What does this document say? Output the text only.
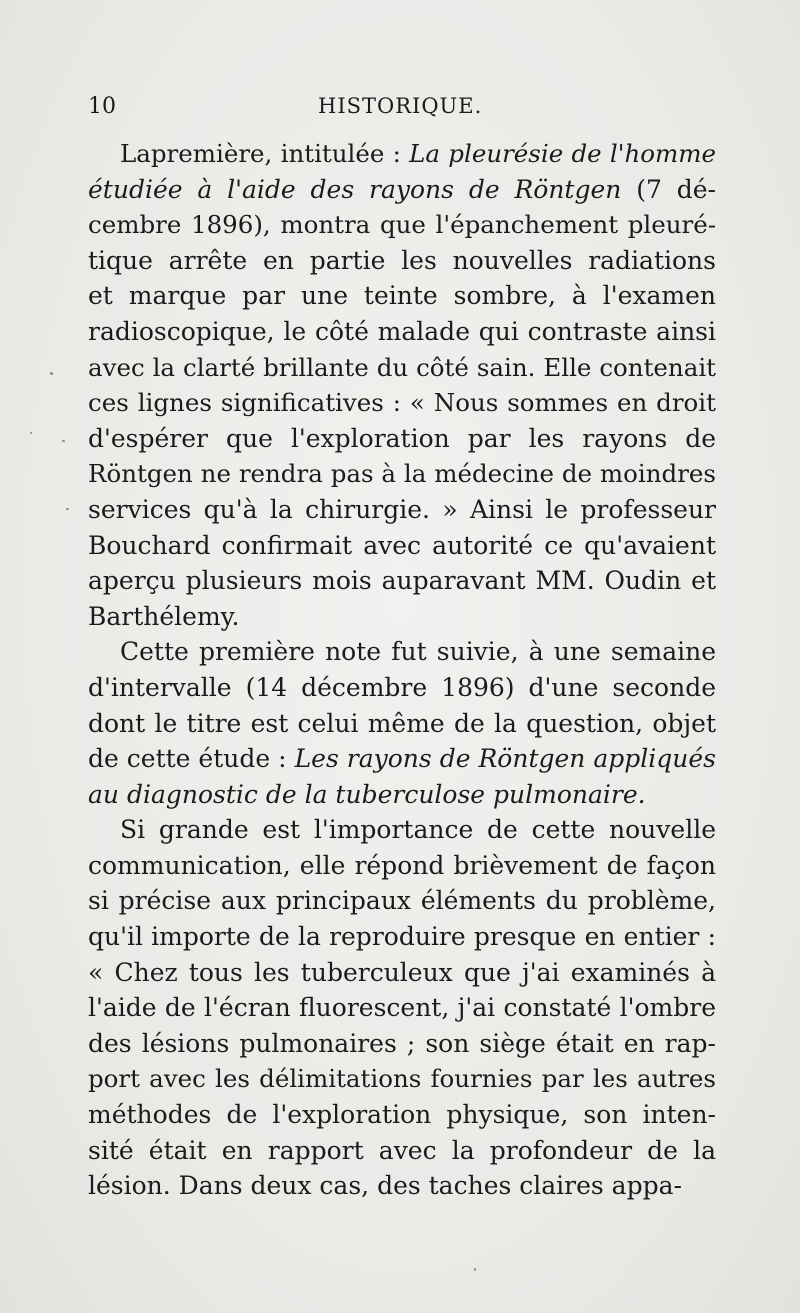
10	HISTORIQUE.
Lapremière, intitulée : La pleurésie de l'homme
étudiée à l'aide des rayons de Röntgen (7 dé-
cembre 1896), montra que l'épanchement pleuré-
tique arrête en partie les nouvelles radiations
et marque par une teinte sombre, à l'examen
radioscopique, le côté malade qui contraste ainsi
avec la clarté brillante du côté sain. Elle contenait
ces lignes significatives : « Nous sommes en droit
d'espérer que l'exploration par les rayons de
Röntgen ne rendra pas à la médecine de moindres
services qu'à la chirurgie. » Ainsi le professeur
Bouchard confirmait avec autorité ce qu'avaient
aperçu plusieurs mois auparavant MM. Oudin et
Barthélemy.
Cette première note fut suivie, à une semaine
d'intervalle (14 décembre 1896) d'une seconde
dont le titre est celui même de la question, objet
de cette étude : Les rayons de Röntgen appliqués
au diagnostic de la tuberculose pulmonaire.
Si grande est l'importance de cette nouvelle
communication, elle répond brièvement de façon
si précise aux principaux éléments du problème,
qu'il importe de la reproduire presque en entier :
« Chez tous les tuberculeux que j'ai examinés à
l'aide de l'écran fluorescent, j'ai constaté l'ombre
des lésions pulmonaires ; son siège était en rap-
port avec les délimitations fournies par les autres
méthodes de l'exploration physique, son inten-
sité était en rapport avec la profondeur de la
lésion. Dans deux cas, des taches claires appa-
